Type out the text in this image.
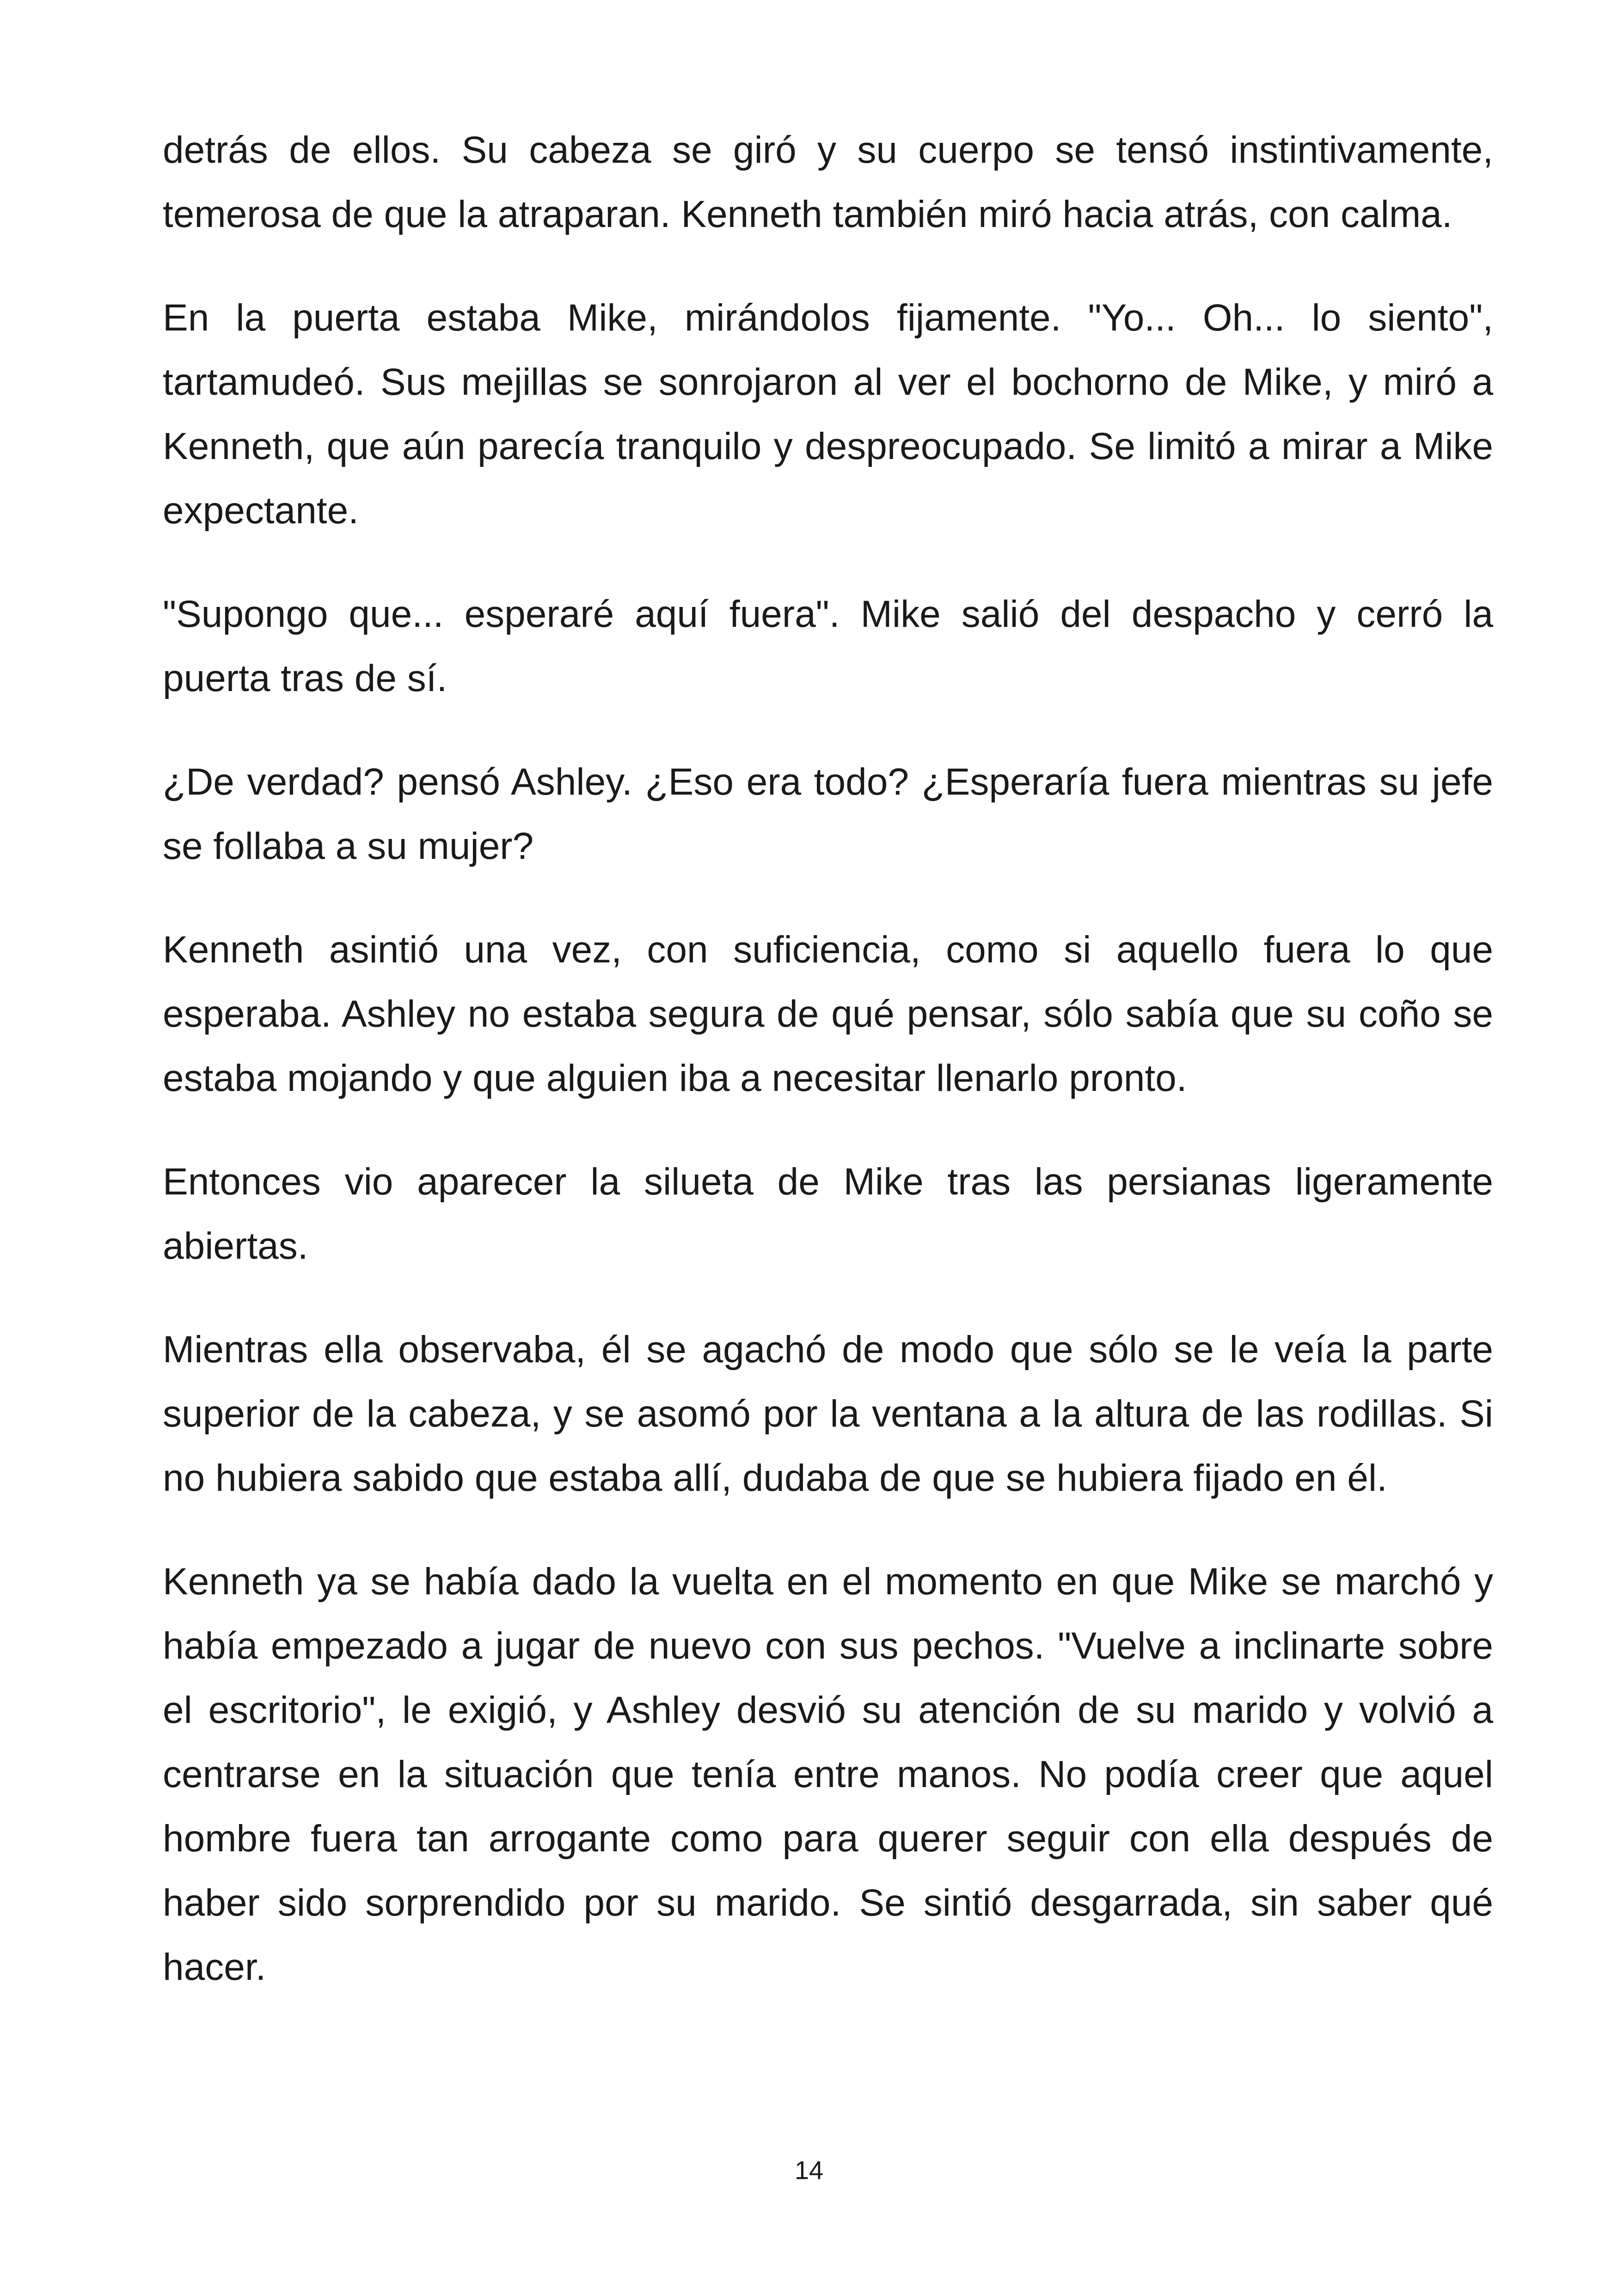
detrás de ellos. Su cabeza se giró y su cuerpo se tensó instintivamente, temerosa de que la atraparan. Kenneth también miró hacia atrás, con calma.

En la puerta estaba Mike, mirándolos fijamente. "Yo... Oh... lo siento", tartamudeó. Sus mejillas se sonrojaron al ver el bochorno de Mike, y miró a Kenneth, que aún parecía tranquilo y despreocupado. Se limitó a mirar a Mike expectante.

"Supongo que... esperaré aquí fuera". Mike salió del despacho y cerró la puerta tras de sí.

¿De verdad? pensó Ashley. ¿Eso era todo? ¿Esperaría fuera mientras su jefe se follaba a su mujer?

Kenneth asintió una vez, con suficiencia, como si aquello fuera lo que esperaba. Ashley no estaba segura de qué pensar, sólo sabía que su coño se estaba mojando y que alguien iba a necesitar llenarlo pronto.

Entonces vio aparecer la silueta de Mike tras las persianas ligeramente abiertas.

Mientras ella observaba, él se agachó de modo que sólo se le veía la parte superior de la cabeza, y se asomó por la ventana a la altura de las rodillas. Si no hubiera sabido que estaba allí, dudaba de que se hubiera fijado en él.

Kenneth ya se había dado la vuelta en el momento en que Mike se marchó y había empezado a jugar de nuevo con sus pechos. "Vuelve a inclinarte sobre el escritorio", le exigió, y Ashley desvió su atención de su marido y volvió a centrarse en la situación que tenía entre manos. No podía creer que aquel hombre fuera tan arrogante como para querer seguir con ella después de haber sido sorprendido por su marido. Se sintió desgarrada, sin saber qué hacer.

14
